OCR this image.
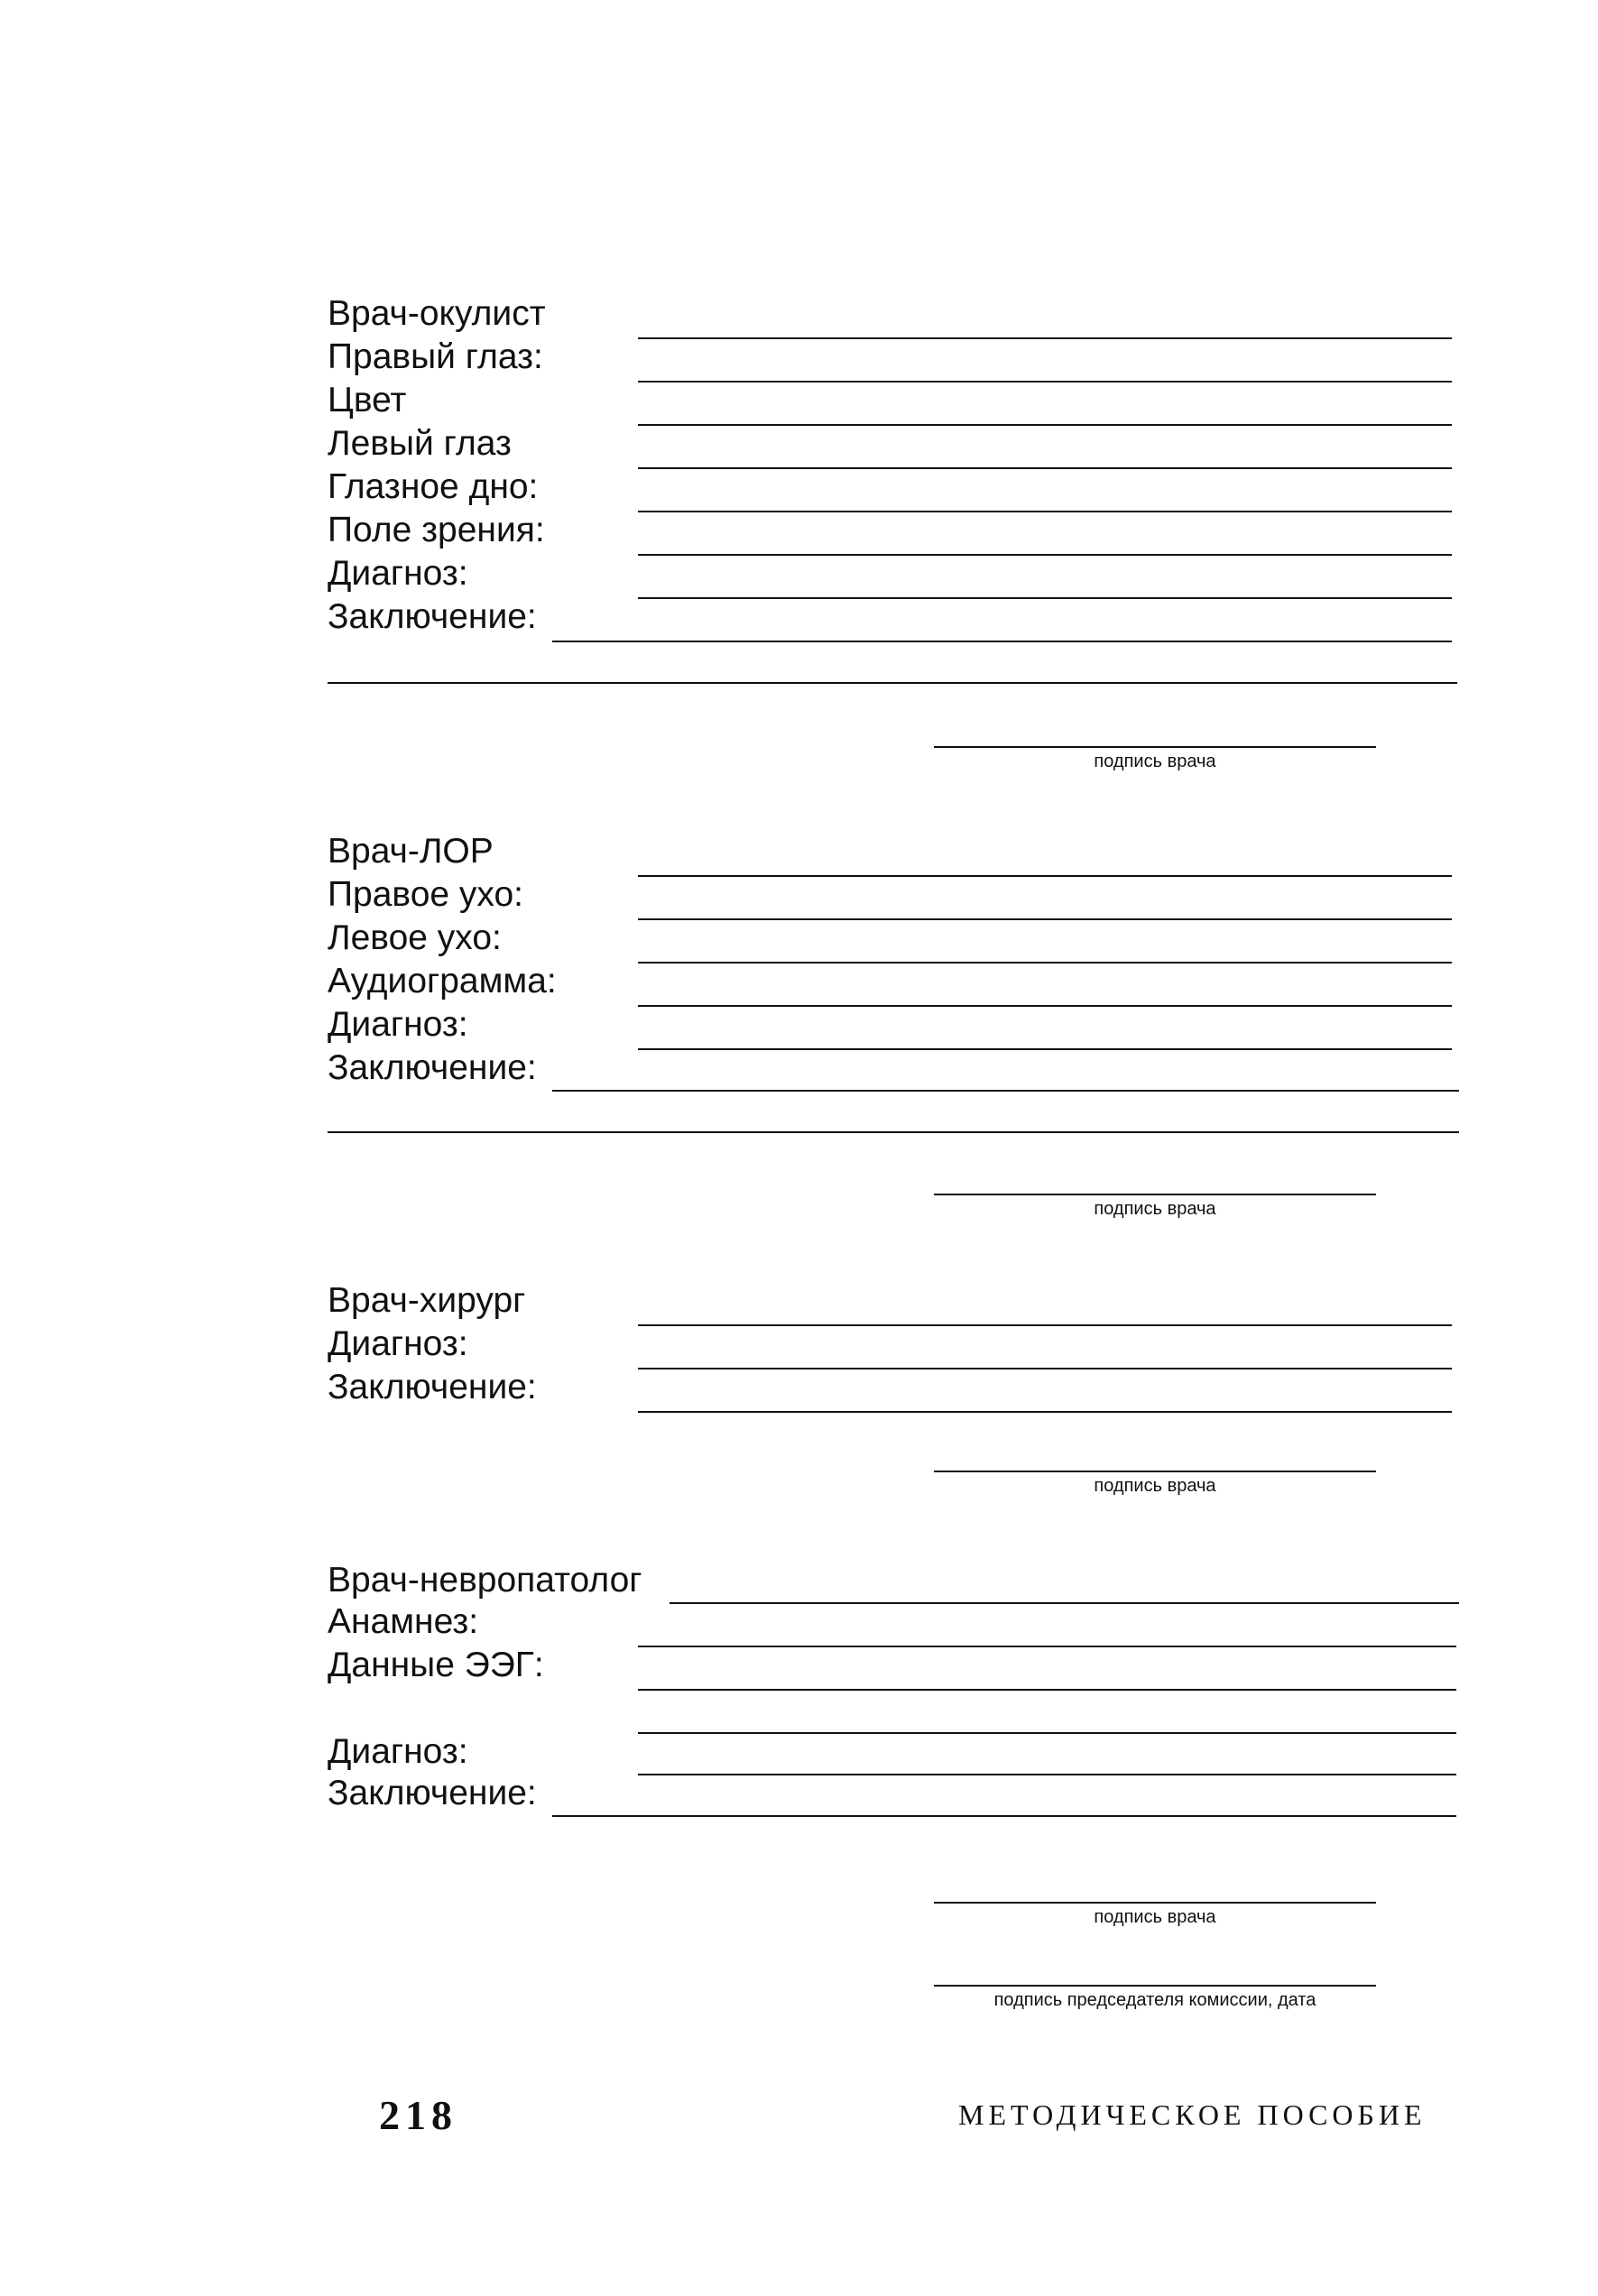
Врач-окулист
Правый глаз:
Цвет
Левый глаз
Глазное дно:
Поле зрения:
Диагноз:
Заключение:
подпись врача
Врач-ЛОР
Правое ухо:
Левое ухо:
Аудиограмма:
Диагноз:
Заключение:
подпись врача
Врач-хирург
Диагноз:
Заключение:
подпись врача
Врач-невропатолог
Анамнез:
Данные ЭЭГ:
Диагноз:
Заключение:
подпись врача
подпись председателя комиссии, дата
218	МЕТОДИЧЕСКОЕ ПОСОБИЕ
